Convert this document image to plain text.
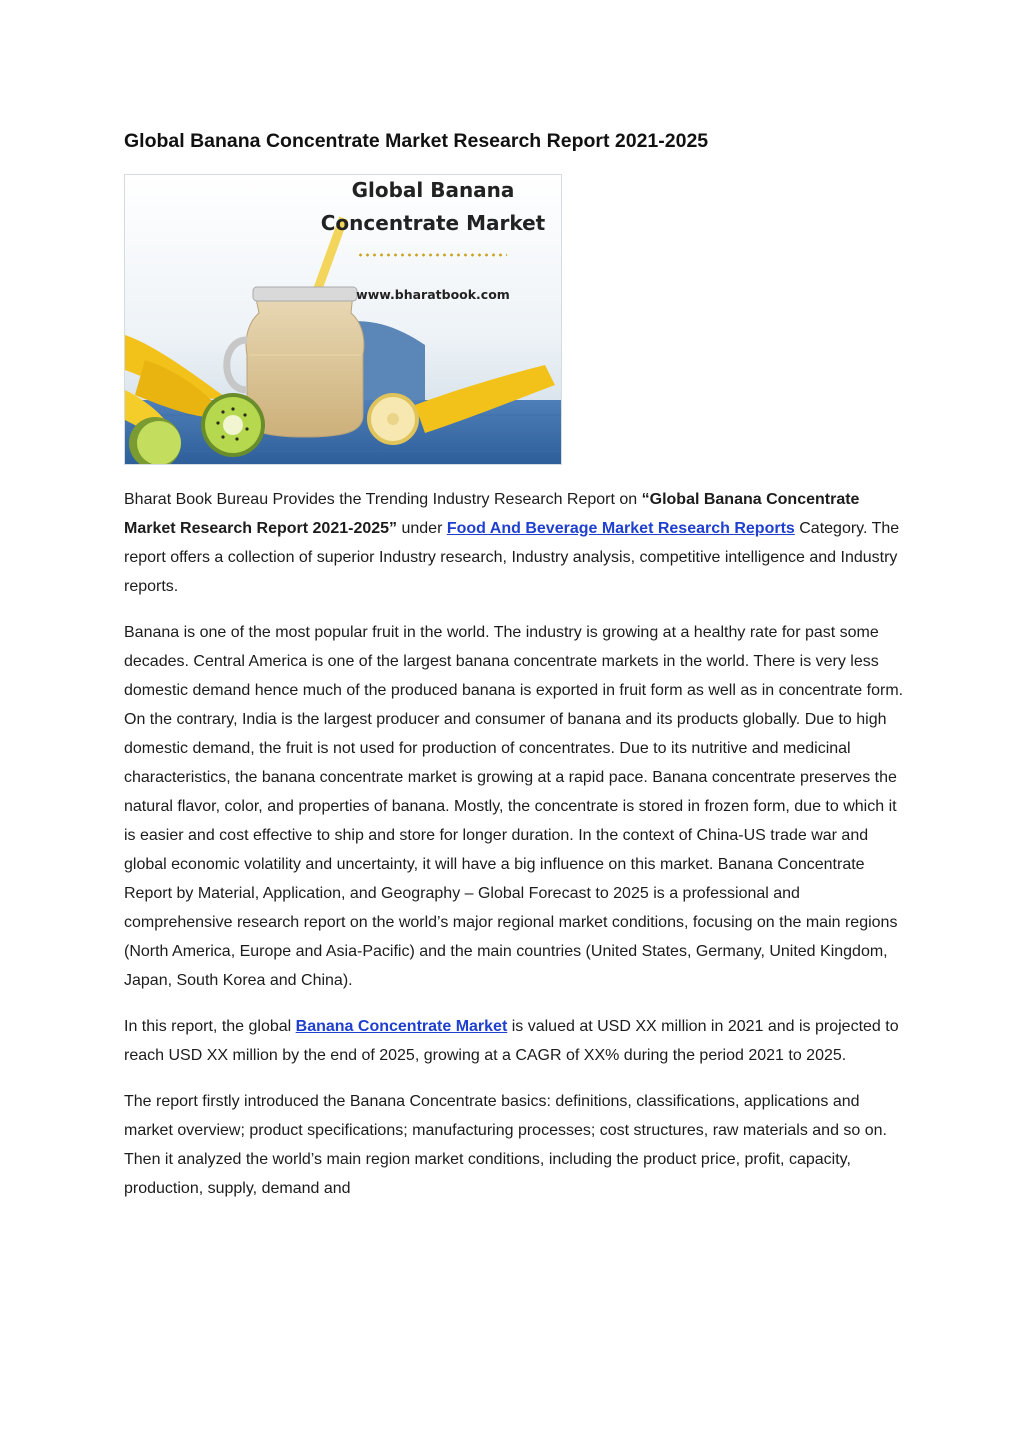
Global Banana Concentrate Market Research Report 2021-2025
Global Banana
Concentrate Market
www.bharatbook.com

Bharat Book Bureau Provides the Trending Industry Research Report on “Global Banana Concentrate Market Research Report 2021-2025” under Food And Beverage Market Research Reports Category. The report offers a collection of superior Industry research, Industry analysis, competitive intelligence and Industry reports.

Banana is one of the most popular fruit in the world. The industry is growing at a healthy rate for past some decades. Central America is one of the largest banana concentrate markets in the world. There is very less domestic demand hence much of the produced banana is exported in fruit form as well as in concentrate form. On the contrary, India is the largest producer and consumer of banana and its products globally. Due to high domestic demand, the fruit is not used for production of concentrates. Due to its nutritive and medicinal characteristics, the banana concentrate market is growing at a rapid pace. Banana concentrate preserves the natural flavor, color, and properties of banana. Mostly, the concentrate is stored in frozen form, due to which it is easier and cost effective to ship and store for longer duration. In the context of China-US trade war and global economic volatility and uncertainty, it will have a big influence on this market. Banana Concentrate Report by Material, Application, and Geography – Global Forecast to 2025 is a professional and comprehensive research report on the world’s major regional market conditions, focusing on the main regions (North America, Europe and Asia-Pacific) and the main countries (United States, Germany, United Kingdom, Japan, South Korea and China).

In this report, the global Banana Concentrate Market is valued at USD XX million in 2021 and is projected to reach USD XX million by the end of 2025, growing at a CAGR of XX% during the period 2021 to 2025.

The report firstly introduced the Banana Concentrate basics: definitions, classifications, applications and market overview; product specifications; manufacturing processes; cost structures, raw materials and so on. Then it analyzed the world’s main region market conditions, including the product price, profit, capacity, production, supply, demand and
